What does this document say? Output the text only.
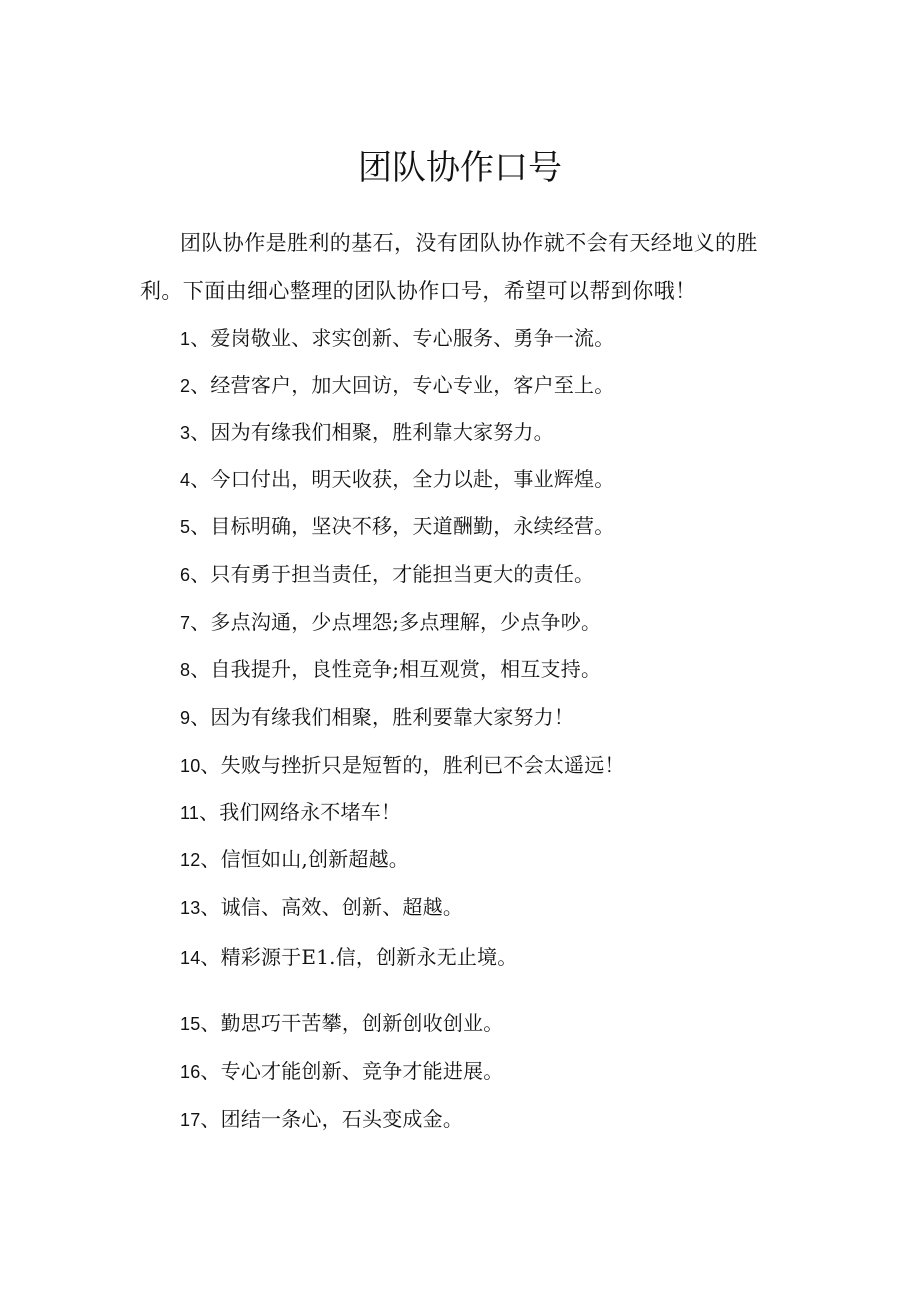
团队协作口号
团队协作是胜利的基石，没有团队协作就不会有天经地义的胜利。下面由细心整理的团队协作口号，希望可以帮到你哦！
1、爱岗敬业、求实创新、专心服务、勇争一流。
2、经营客户，加大回访，专心专业，客户至上。
3、因为有缘我们相聚，胜利靠大家努力。
4、今口付出，明天收获，全力以赴，事业辉煌。
5、目标明确，坚决不移，天道酬勤，永续经营。
6、只有勇于担当责任，才能担当更大的责任。
7、多点沟通，少点埋怨;多点理解，少点争吵。
8、自我提升，良性竞争;相互观赏，相互支持。
9、因为有缘我们相聚，胜利要靠大家努力！
10、失败与挫折只是短暂的，胜利已不会太遥远！
11、我们网络永不堵车！
12、信恒如山,创新超越。
13、诚信、高效、创新、超越。
14、精彩源于E1.信，创新永无止境。
15、勤思巧干苦攀，创新创收创业。
16、专心才能创新、竞争才能进展。
17、团结一条心，石头变成金。
